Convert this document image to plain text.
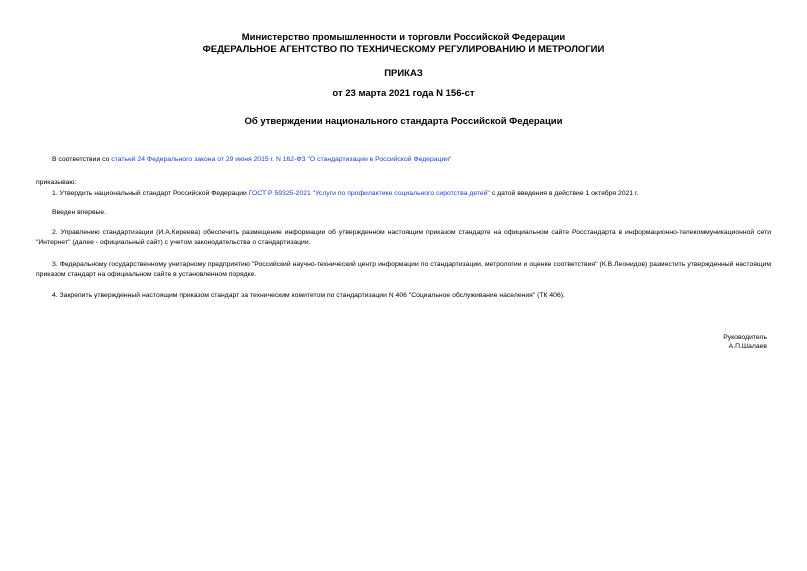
Министерство промышленности и торговли Российской Федерации
ФЕДЕРАЛЬНОЕ АГЕНТСТВО ПО ТЕХНИЧЕСКОМУ РЕГУЛИРОВАНИЮ И МЕТРОЛОГИИ
ПРИКАЗ
от 23 марта 2021 года N 156-ст
Об утверждении национального стандарта Российской Федерации
В соответствии со статьей 24 Федерального закона от 29 июня 2015 г. N 162-ФЗ "О стандартизации в Российской Федерации"
приказываю:
1. Утвердить национальный стандарт Российской Федерации ГОСТ Р 59325-2021 "Услуги по профилактике социального сиротства детей" с датой введения в действие 1 октября 2021 г.
Введен впервые.
2. Управлению стандартизации (И.А.Киреева) обеспечить размещение информации об утвержденном настоящим приказом стандарте на официальном сайте Росстандарта в информационно-телекоммуникационной сети "Интернет" (далее - официальный сайт) с учетом законодательства о стандартизации.
3. Федеральному государственному унитарному предприятию "Российский научно-технический центр информации по стандартизации, метрологии и оценке соответствия" (К.В.Леонидов) разместить утвержденный настоящим приказом стандарт на официальном сайте в установленном порядке.
4. Закрепить утвержденный настоящим приказом стандарт за техническим комитетом по стандартизации N 406 "Социальное обслуживание населения" (ТК 406).
Руководитель
А.П.Шалаев
